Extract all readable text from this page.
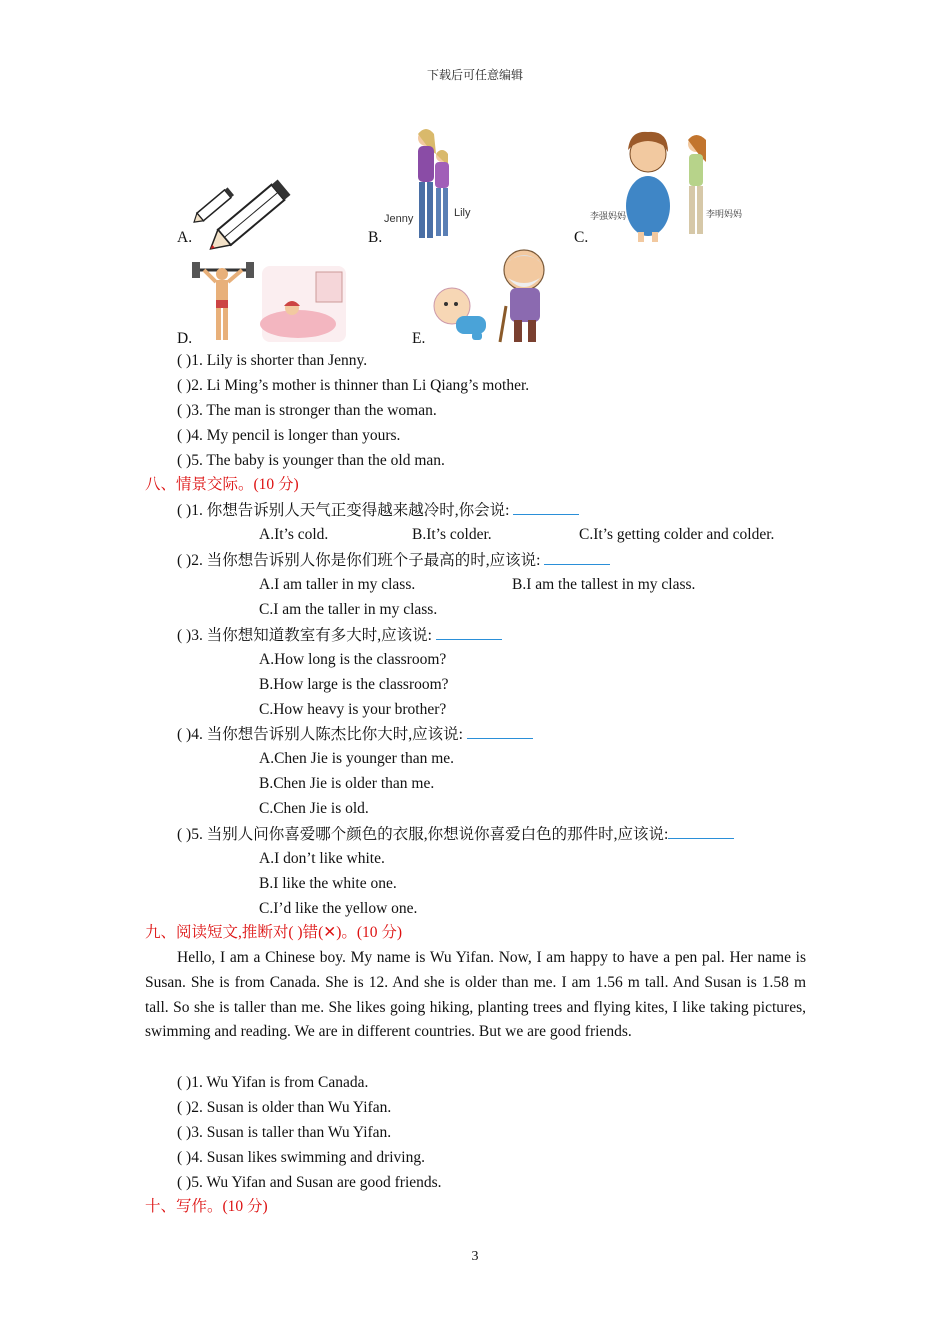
下载后可任意编辑
A.	B.	C.
D.	E.
Jenny	Lily	李强妈妈	李明妈妈
( )1. Lily is shorter than Jenny.
( )2. Li Ming’s mother is thinner than Li Qiang’s mother.
( )3. The man is stronger than the woman.
( )4. My pencil is longer than yours.
( )5. The baby is younger than the old man.
八、情景交际。(10 分)
( )1. 你想告诉别人天气正变得越来越冷时,你会说:
A.It’s cold.	B.It’s colder.	C.It’s getting colder and colder.
( )2. 当你想告诉别人你是你们班个子最高的时,应该说:
A.I am taller in my class.	B.I am the tallest in my class.
C.I am the taller in my class.
( )3. 当你想知道教室有多大时,应该说:
A.How long is the classroom?
B.How large is the classroom?
C.How heavy is your brother?
( )4. 当你想告诉别人陈杰比你大时,应该说:
A.Chen Jie is younger than me.
B.Chen Jie is older than me.
C.Chen Jie is old.
( )5. 当别人问你喜爱哪个颜色的衣服,你想说你喜爱白色的那件时,应该说:
A.I don’t like white.
B.I like the white one.
C.I’d like the yellow one.
九、阅读短文,推断对( )错(✕)。(10 分)
Hello, I am a Chinese boy. My name is Wu Yifan. Now, I am happy to have a pen pal. Her name is Susan. She is from Canada. She is 12. And she is older than me. I am 1.56 m tall. And Susan is 1.58 m tall. So she is taller than me. She likes going hiking, planting trees and flying kites, I like taking pictures, swimming and reading. We are in different countries. But we are good friends.
( )1. Wu Yifan is from Canada.
( )2. Susan is older than Wu Yifan.
( )3. Susan is taller than Wu Yifan.
( )4. Susan likes swimming and driving.
( )5. Wu Yifan and Susan are good friends.
十、写作。(10 分)
3
